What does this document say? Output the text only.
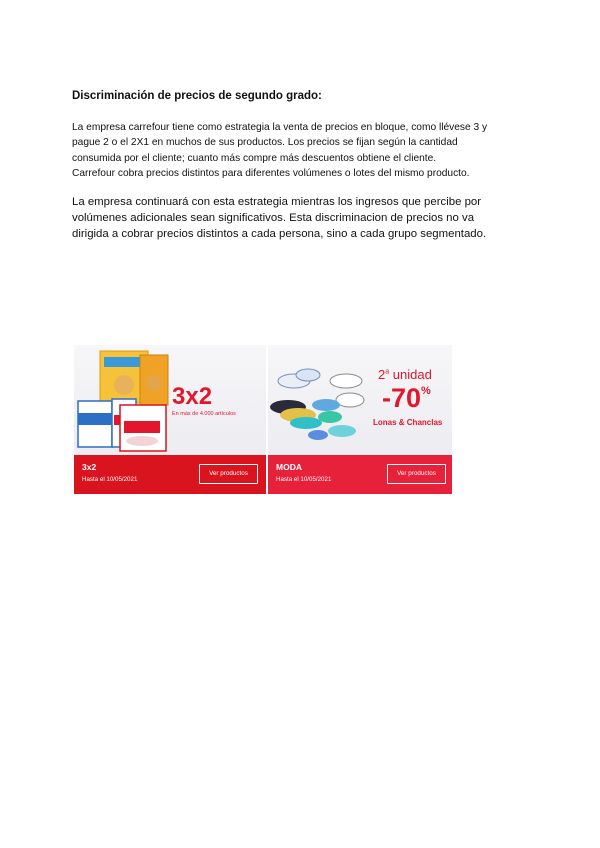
Discriminación de precios de segundo grado:
La empresa carrefour tiene como estrategia la venta de precios en bloque, como llévese 3 y
pague 2 o el 2X1 en muchos de sus productos. Los precios se fijan según la cantidad
consumida por el cliente; cuanto más compre más descuentos obtiene el cliente.
Carrefour cobra precios distintos para diferentes volúmenes o lotes del mismo producto.
La empresa continuará con esta estrategia mientras los ingresos que percibe por
volúmenes adicionales sean significativos. Esta discriminacion de precios no va
dirigida a cobrar precios distintos a cada persona, sino a cada grupo segmentado.
3x2
En más de 4.000 artículos
3x2
Hasta el 10/05/2021
Ver productos
2$^a$ unidad
-70%
Lonas & Chanclas
MODA
Hasta el 10/05/2021
Ver productos
